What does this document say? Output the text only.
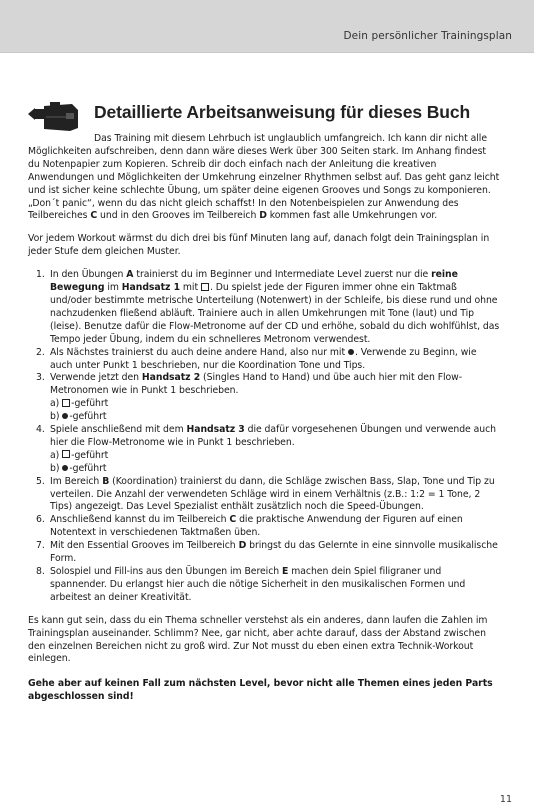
Dein persönlicher Trainingsplan
Detaillierte Arbeitsanweisung für dieses Buch

Das Training mit diesem Lehrbuch ist unglaublich umfangreich. Ich kann dir nicht alle Möglichkeiten aufschreiben, denn dann wäre dieses Werk über 300 Seiten stark. Im Anhang findest du Notenpapier zum Kopieren. Schreib dir doch einfach nach der Anleitung die kreativen Anwendungen und Möglichkeiten der Umkehrung einzelner Rhythmen selbst auf. Das geht ganz leicht und ist sicher keine schlechte Übung, um später deine eigenen Grooves und Songs zu komponieren. „Don´t panic“, wenn du das nicht gleich schaffst! In den Notenbeispielen zur Anwendung des Teilbereiches C und in den Grooves im Teilbereich D kommen fast alle Umkehrungen vor.

Vor jedem Workout wärmst du dich drei bis fünf Minuten lang auf, danach folgt dein Trainingsplan in jeder Stufe dem gleichen Muster.

1. In den Übungen A trainierst du im Beginner und Intermediate Level zuerst nur die reine Bewegung im Handsatz 1 mit . Du spielst jede der Figuren immer ohne ein Taktmaß und/oder bestimmte metrische Unterteilung (Notenwert) in der Schleife, bis diese rund und ohne nachzudenken fließend abläuft. Trainiere auch in allen Umkehrungen mit Tone (laut) und Tip (leise). Benutze dafür die Flow-Metronome auf der CD und erhöhe, sobald du dich wohlfühlst, das Tempo jeder Übung, indem du ein schnelleres Metronom verwendest.
2. Als Nächstes trainierst du auch deine andere Hand, also nur mit . Verwende zu Beginn, wie auch unter Punkt 1 beschrieben, nur die Koordination Tone und Tips.
3. Verwende jetzt den Handsatz 2 (Singles Hand to Hand) und übe auch hier mit den Flow-Metronomen wie in Punkt 1 beschrieben.
a) -geführt
b) -geführt
4. Spiele anschließend mit dem Handsatz 3 die dafür vorgesehenen Übungen und verwende auch hier die Flow-Metronome wie in Punkt 1 beschrieben.
a) -geführt
b) -geführt
5. Im Bereich B (Koordination) trainierst du dann, die Schläge zwischen Bass, Slap, Tone und Tip zu verteilen. Die Anzahl der verwendeten Schläge wird in einem Verhältnis (z.B.: 1:2 = 1 Tone, 2 Tips) angezeigt. Das Level Spezialist enthält zusätzlich noch die Speed-Übungen.
6. Anschließend kannst du im Teilbereich C die praktische Anwendung der Figuren auf einen Notentext in verschiedenen Taktmaßen üben.
7. Mit den Essential Grooves im Teilbereich D bringst du das Gelernte in eine sinnvolle musikalische Form.
8. Solospiel und Fill-ins aus den Übungen im Bereich E machen dein Spiel filigraner und spannender. Du erlangst hier auch die nötige Sicherheit in den musikalischen Formen und arbeitest an deiner Kreativität.

Es kann gut sein, dass du ein Thema schneller verstehst als ein anderes, dann laufen die Zahlen im Trainingsplan auseinander. Schlimm? Nee, gar nicht, aber achte darauf, dass der Abstand zwischen den einzelnen Bereichen nicht zu groß wird. Zur Not musst du eben einen extra Technik-Workout einlegen.

Gehe aber auf keinen Fall zum nächsten Level, bevor nicht alle Themen eines jeden Parts abgeschlossen sind!

11
